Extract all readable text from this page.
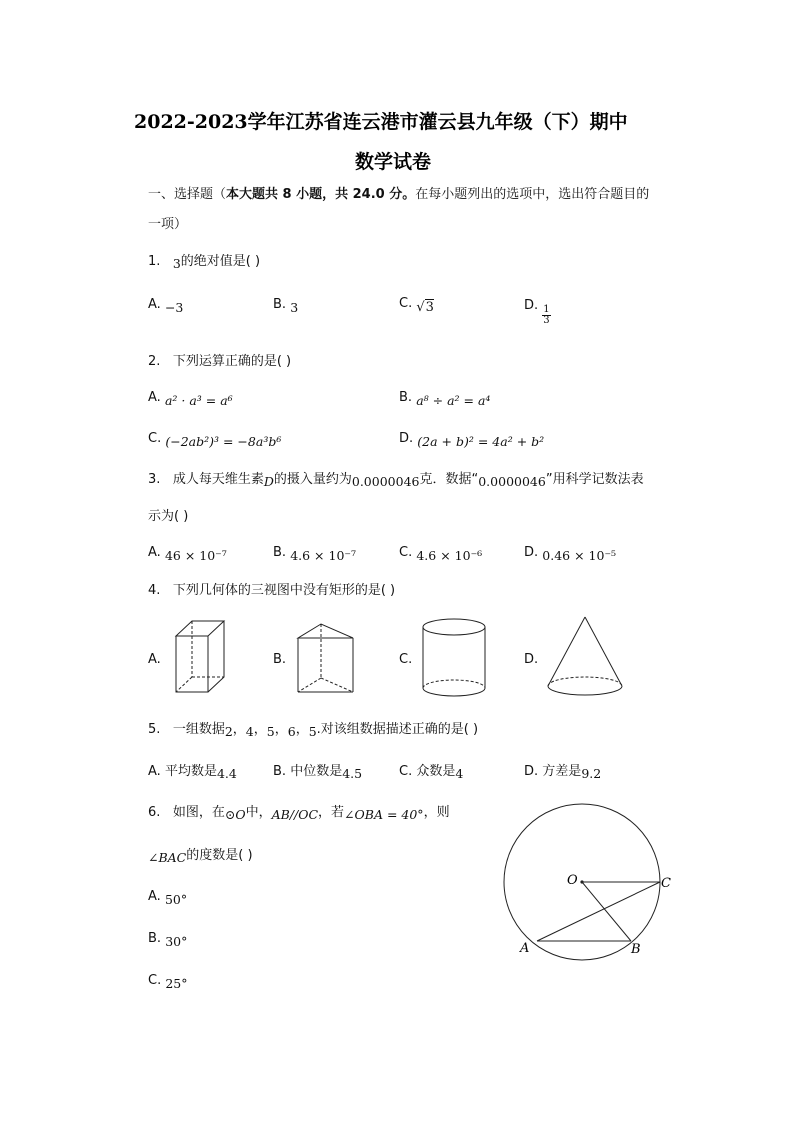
2022-2023学年江苏省连云港市灌云县九年级（下）期中
数学试卷
一、选择题（本大题共 8 小题，共 24.0 分。在每小题列出的选项中，选出符合题目的
一项）
1. 3的绝对值是( )
A. −3	B. 3	C. √3	D. $\frac{1}{3}$
2. 下列运算正确的是( )
A. a² · a³ = a⁶	B. a⁸ ÷ a² = a⁴
C. (−2ab²)³ = −8a³b⁶	D. (2a + b)² = 4a² + b²
3. 成人每天维生素D的摄入量约为0.0000046克．数据“0.0000046”用科学记数法表
示为( )
A. 46 × 10⁻⁷	B. 4.6 × 10⁻⁷	C. 4.6 × 10⁻⁶	D. 0.46 × 10⁻⁵
4. 下列几何体的三视图中没有矩形的是( )
A.	B.	C.	D.
5. 一组数据2，4，5，6，5.对该组数据描述正确的是( )
A. 平均数是4.4	B. 中位数是4.5	C. 众数是4	D. 方差是9.2
6. 如图，在⊙O中，AB//OC，若∠OBA = 40°，则
∠BAC的度数是( )
A. 50°
B. 30°
C. 25°
O	C
A	B
